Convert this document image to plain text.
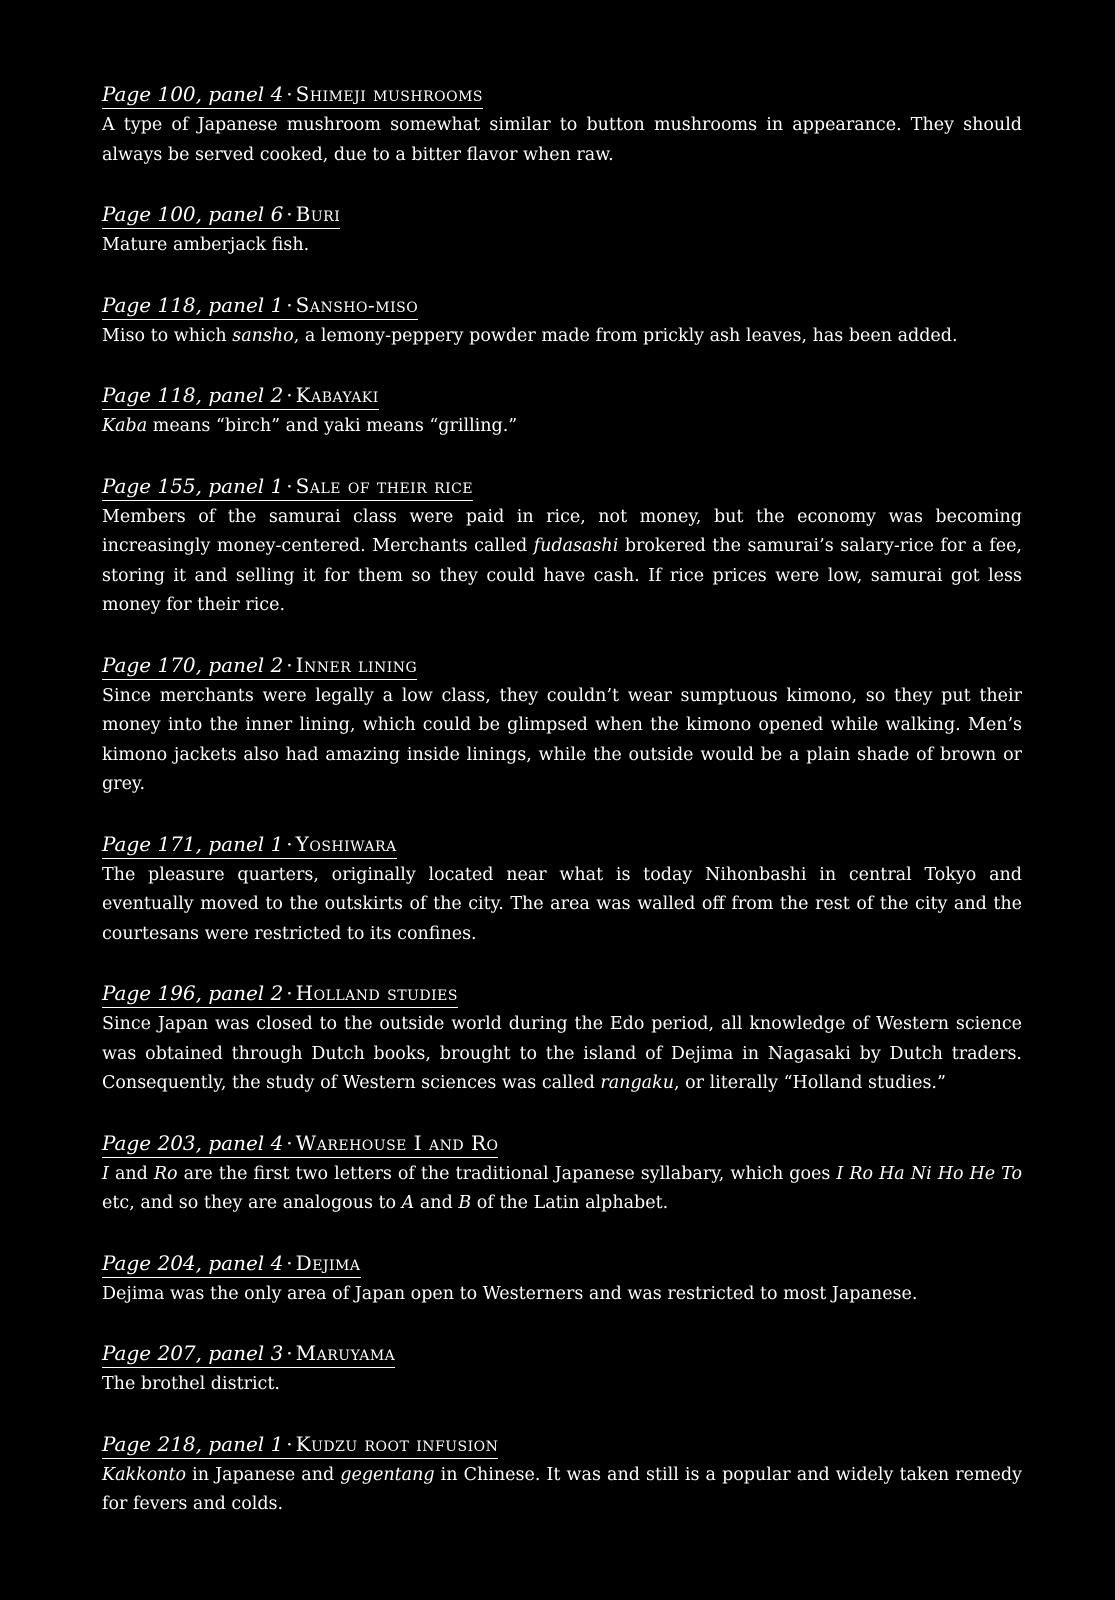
Page 100, panel 4 · Shimeji mushrooms
A type of Japanese mushroom somewhat similar to button mushrooms in appearance. They should always be served cooked, due to a bitter flavor when raw.
Page 100, panel 6 · Buri
Mature amberjack fish.
Page 118, panel 1 · Sansho-miso
Miso to which sansho, a lemony-peppery powder made from prickly ash leaves, has been added.
Page 118, panel 2 · Kabayaki
Kaba means “birch” and yaki means “grilling.”
Page 155, panel 1 · Sale of their rice
Members of the samurai class were paid in rice, not money, but the economy was becoming increasingly money-centered. Merchants called fudasashi brokered the samurai’s salary-rice for a fee, storing it and selling it for them so they could have cash. If rice prices were low, samurai got less money for their rice.
Page 170, panel 2 · Inner lining
Since merchants were legally a low class, they couldn’t wear sumptuous kimono, so they put their money into the inner lining, which could be glimpsed when the kimono opened while walking. Men’s kimono jackets also had amazing inside linings, while the outside would be a plain shade of brown or grey.
Page 171, panel 1 · Yoshiwara
The pleasure quarters, originally located near what is today Nihonbashi in central Tokyo and eventually moved to the outskirts of the city. The area was walled off from the rest of the city and the courtesans were restricted to its confines.
Page 196, panel 2 · Holland studies
Since Japan was closed to the outside world during the Edo period, all knowledge of Western science was obtained through Dutch books, brought to the island of Dejima in Nagasaki by Dutch traders. Consequently, the study of Western sciences was called rangaku, or literally “Holland studies.”
Page 203, panel 4 · Warehouse I and Ro
I and Ro are the first two letters of the traditional Japanese syllabary, which goes I Ro Ha Ni Ho He To etc, and so they are analogous to A and B of the Latin alphabet.
Page 204, panel 4 · Dejima
Dejima was the only area of Japan open to Westerners and was restricted to most Japanese.
Page 207, panel 3 · Maruyama
The brothel district.
Page 218, panel 1 · Kudzu root infusion
Kakkonto in Japanese and gegentang in Chinese. It was and still is a popular and widely taken remedy for fevers and colds.
